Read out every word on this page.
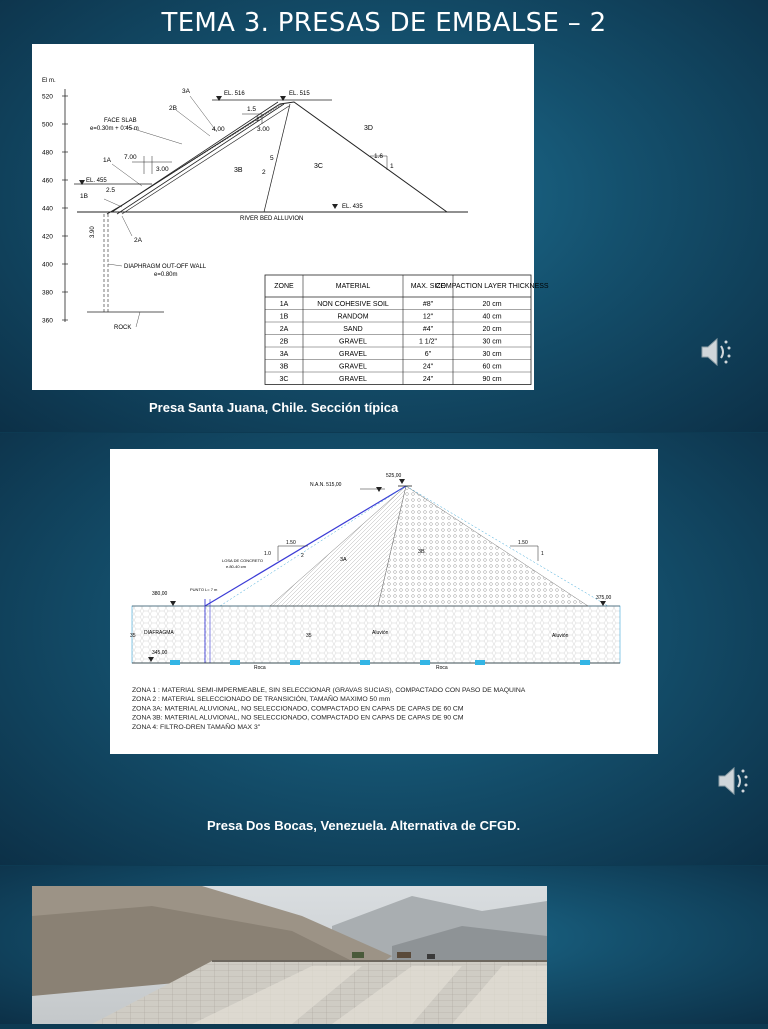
TEMA 3. PRESAS DE EMBALSE – 2
El m.
520
500
480
460
440
420
400
380
360
EL. 516	EL. 515
EL. 455
EL. 435
FACE SLAB
e=0.30m + 0.45 m
3A
2B
1A
1B
2A
3B
3C
3D
4.00	3.00
7.00
3.00
2.5
1.5
1
5
2
1.6
1
3.90
RIVER BED ALLUVION
DIAPHRAGM OUT-OFF WALL
e=0.80m
ROCK
ZONE	MATERIAL	MAX. SIZE
COMPACTION LAYER THICKNESS
1A	NON COHESIVE SOIL	#8"	20 cm
1B	RANDOM	12"	40 cm
2A	SAND	#4"	20 cm
2B	GRAVEL	1 1/2"	30 cm
3A	GRAVEL	6"	30 cm
3B	GRAVEL	24"	60 cm
3C	GRAVEL	24"	90 cm
Presa Santa Juana, Chile. Sección típica
525,00
N.A.N. 515,00
1.50
1.0
1.50
1
2
3A
3B
LOSA DE CONCRETO
e.80-40 cm
PUNTO L= 7 m
380,00
375,00
345,00
DIAFRAGMA	Aluvión	Aluvión
Roca	Roca
35	35
ZONA 1 : MATERIAL SEMI-IMPERMEABLE, SIN SELECCIONAR (GRAVAS SUCIAS), COMPACTADO CON PASO DE MAQUINA
ZONA 2 : MATERIAL SELECCIONADO DE TRANSICIÓN, TAMAÑO MAXIMO 50 mm
ZONA 3A: MATERIAL ALUVIONAL, NO SELECCIONADO, COMPACTADO EN CAPAS DE CAPAS DE 60 CM
ZONA 3B: MATERIAL ALUVIONAL, NO SELECCIONADO, COMPACTADO EN CAPAS DE CAPAS DE 90 CM
ZONA 4: FILTRO-DREN TAMAÑO MAX 3"
Presa Dos Bocas, Venezuela. Alternativa de CFGD.
